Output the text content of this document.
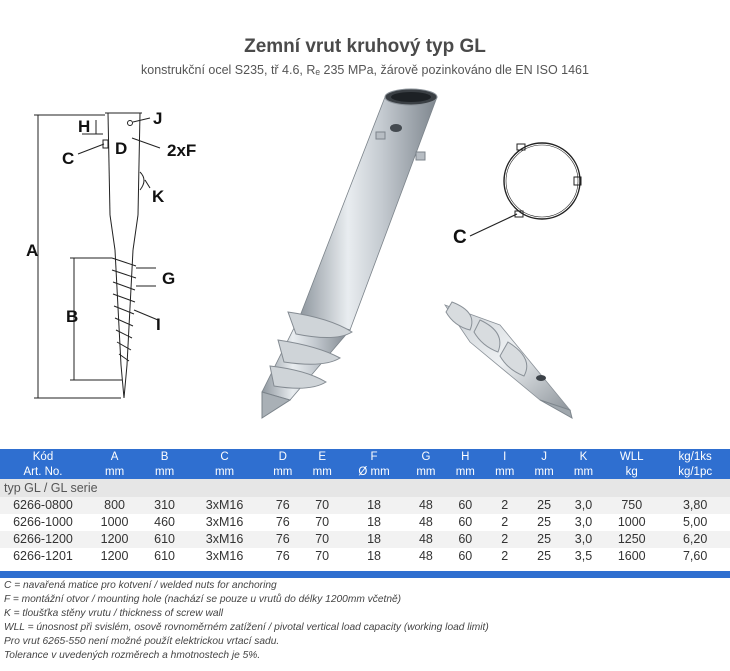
Zemní vrut kruhový typ GL
konstrukční ocel S235, tř 4.6, Rₑ 235 MPa, žárově pozinkováno dle EN ISO 1461
H	J
C
D 2xF
K
A
G
B	I
C
Kód	A	B	C	D	E	F	G	H	I	J	K	WLL	kg/1ks
Art. No.	mm	mm	mm	mm	mm	Ø mm	mm	mm	mm	mm	mm	kg	kg/1pc
typ GL / GL serie													
6266-0800	800	310	3xM16	76	70	18	48	60	2	25	3,0	750	3,80
6266-1000	1000	460	3xM16	76	70	18	48	60	2	25	3,0	1000	5,00
6266-1200	1200	610	3xM16	76	70	18	48	60	2	25	3,0	1250	6,20
6266-1201	1200	610	3xM16	76	70	18	48	60	2	25	3,5	1600	7,60
C = navařená matice pro kotvení / welded nuts for anchoring
F = montážní otvor / mounting hole (nachází se pouze u vrutů do délky 1200mm včetně)
K = tloušťka stěny vrutu / thickness of screw wall
WLL = únosnost při svislém, osově rovnoměrném zatížení / pivotal vertical load capacity (working load limit)
Pro vrut 6265-550 není možné použít elektrickou vrtací sadu.
Tolerance v uvedených rozměrech a hmotnostech je 5%.
